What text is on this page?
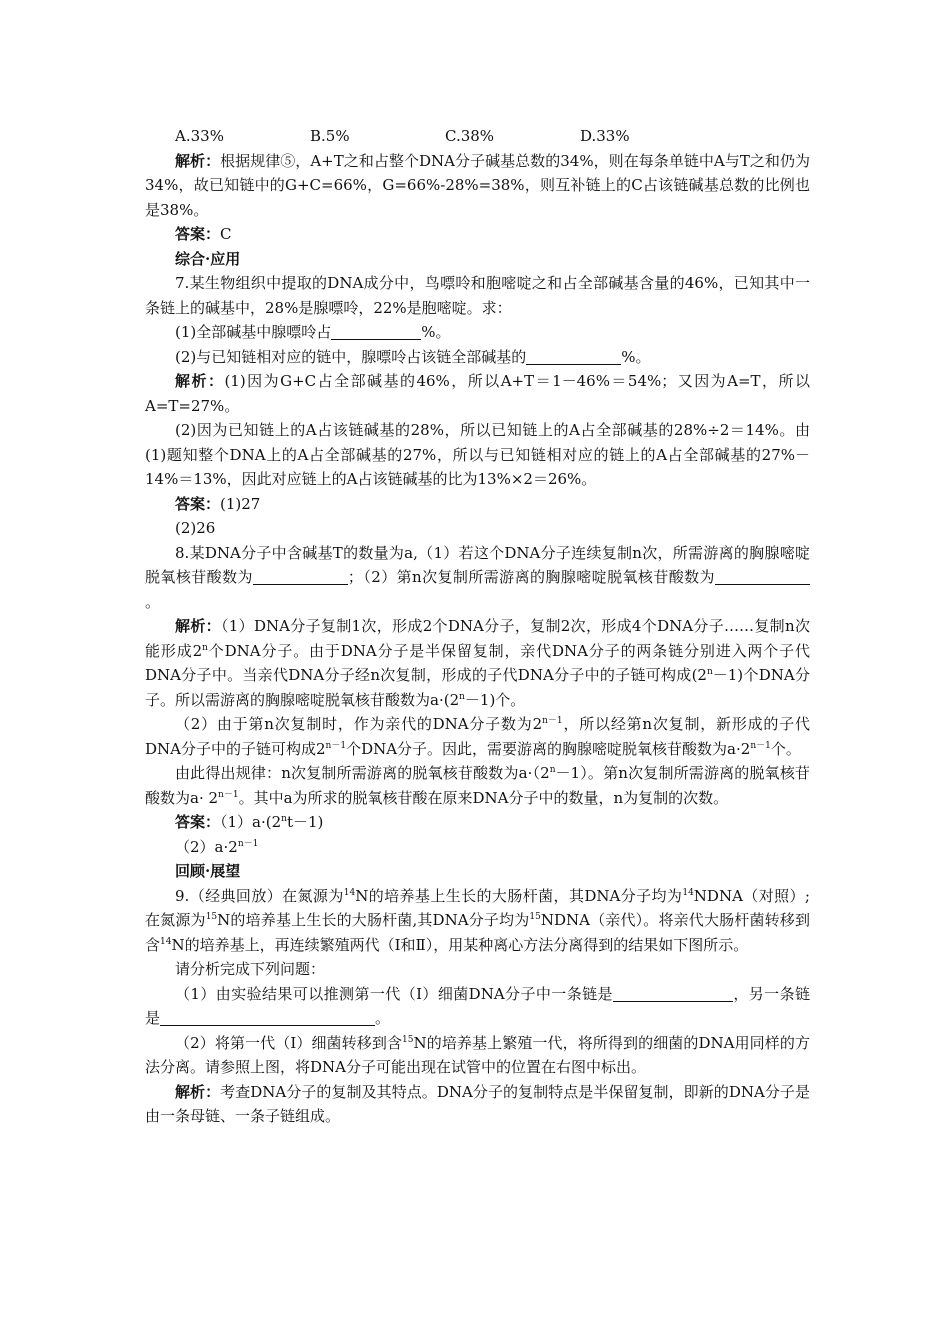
A.33%	B.5%	C.38%	D.33%

解析：根据规律⑤，A+T之和占整个DNA分子碱基总数的34%，则在每条单链中A与T之和仍为34%，故已知链中的G+C=66%，G=66%-28%=38%，则互补链上的C占该链碱基总数的比例也是38%。

答案：C

综合·应用

7.某生物组织中提取的DNA成分中，鸟嘌呤和胞嘧啶之和占全部碱基含量的46%，已知其中一条链上的碱基中，28%是腺嘌呤，22%是胞嘧啶。求：

(1)全部碱基中腺嘌呤占	%。

(2)与已知链相对应的链中，腺嘌呤占该链全部碱基的	%。

解析：(1)因为G+C占全部碱基的46%，所以A+T＝1－46%＝54%；又因为A=T，所以A=T=27%。

(2)因为已知链上的A占该链碱基的28%，所以已知链上的A占全部碱基的28%÷2＝14%。由(1)题知整个DNA上的A占全部碱基的27%，所以与已知链相对应的链上的A占全部碱基的27%－14%＝13%，因此对应链上的A占该链碱基的比为13%×2＝26%。

答案：(1)27

(2)26

8.某DNA分子中含碱基T的数量为a,（1）若这个DNA分子连续复制n次，所需游离的胸腺嘧啶脱氧核苷酸数为	；（2）第n次复制所需游离的胸腺嘧啶脱氧核苷酸数为。

解析：（1）DNA分子复制1次，形成2个DNA分子，复制2次，形成4个DNA分子……复制n次能形成2$^n$个DNA分子。由于DNA分子是半保留复制，亲代DNA分子的两条链分别进入两个子代DNA分子中。当亲代DNA分子经n次复制，形成的子代DNA分子中的子链可构成$(2^n-1)$个DNA分子。所以需游离的胸腺嘧啶脱氧核苷酸数为$a\cdot(2^n-1)$个。

（2）由于第n次复制时，作为亲代的DNA分子数为$2^{n-1}$，所以经第n次复制，新形成的子代DNA分子中的子链可构成$2^{n-1}$个DNA分子。因此，需要游离的胸腺嘧啶脱氧核苷酸数为$a\cdot 2^{n-1}$个。

由此得出规律：n次复制所需游离的脱氧核苷酸数为$a\cdot(2^n-1)$。第n次复制所需游离的脱氧核苷酸数为$a\cdot 2^{n-1}$。其中a为所求的脱氧核苷酸在原来DNA分子中的数量，n为复制的次数。

答案：$(1)a\cdot(2^nt-1)$

$(2)a\cdot 2^{n-1}$

回顾·展望

9.（经典回放）在氮源为$^{14}$N的培养基上生长的大肠杆菌，其DNA分子均为$^{14}$NDNA（对照）;在氮源为$^{15}$N的培养基上生长的大肠杆菌,其DNA分子均为$^{15}$NDNA（亲代）。将亲代大肠杆菌转移到含$^{14}$N的培养基上，再连续繁殖两代（Ⅰ和Ⅱ），用某种离心方法分离得到的结果如下图所示。

请分析完成下列问题：

（1）由实验结果可以推测第一代（Ⅰ）细菌DNA分子中一条链是	，另一条链是	。

（2）将第一代（Ⅰ）细菌转移到含$^{15}$N的培养基上繁殖一代，将所得到的细菌的DNA用同样的方法分离。请参照上图，将DNA分子可能出现在试管中的位置在右图中标出。

解析：考查DNA分子的复制及其特点。DNA分子的复制特点是半保留复制，即新的DNA分子是由一条母链、一条子链组成。
